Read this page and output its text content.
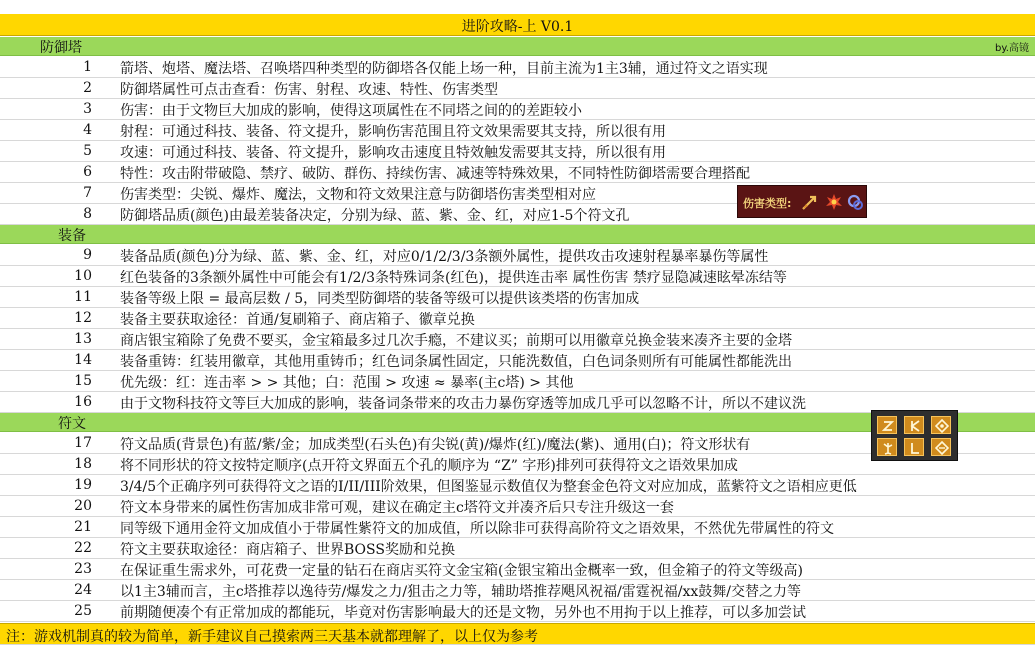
进阶攻略-上 V0.1
防御塔	by.高镜
1 箭塔、炮塔、魔法塔、召唤塔四种类型的防御塔各仅能上场一种，目前主流为1主3辅，通过符文之语实现
2 防御塔属性可点击查看：伤害、射程、攻速、特性、伤害类型
3 伤害：由于文物巨大加成的影响，使得这项属性在不同塔之间的的差距较小
4 射程：可通过科技、装备、符文提升，影响伤害范围且符文效果需要其支持，所以很有用
5 攻速：可通过科技、装备、符文提升，影响攻击速度且特效触发需要其支持，所以很有用
6 特性：攻击附带破隐、禁疗、破防、群伤、持续伤害、减速等特殊效果，不同特性防御塔需要合理搭配
7 伤害类型：尖锐、爆炸、魔法，文物和符文效果注意与防御塔伤害类型相对应
8 防御塔品质(颜色)由最差装备决定，分别为绿、蓝、紫、金、红，对应1-5个符文孔
装备
9 装备品质(颜色)分为绿、蓝、紫、金、红，对应0/1/2/3/3条额外属性，提供攻击攻速射程暴率暴伤等属性
10 红色装备的3条额外属性中可能会有1/2/3条特殊词条(红色)，提供连击率 属性伤害 禁疗显隐减速眩晕冻结等
11 装备等级上限 = 最高层数 / 5，同类型防御塔的装备等级可以提供该类塔的伤害加成
12 装备主要获取途径：首通/复刷箱子、商店箱子、徽章兑换
13 商店银宝箱除了免费不要买，金宝箱最多过几次手瘾，不建议买；前期可以用徽章兑换金装来凑齐主要的金塔
14 装备重铸：红装用徽章，其他用重铸币；红色词条属性固定，只能洗数值，白色词条则所有可能属性都能洗出
15 优先级：红：连击率 > > 其他；白：范围 > 攻速 ≈ 暴率(主c塔) > 其他
16 由于文物科技符文等巨大加成的影响，装备词条带来的攻击力暴伤穿透等加成几乎可以忽略不计，所以不建议洗
符文
17 符文品质(背景色)有蓝/紫/金；加成类型(石头色)有尖锐(黄)/爆炸(红)/魔法(紫)、通用(白)；符文形状有
18 将不同形状的符文按特定顺序(点开符文界面五个孔的顺序为 “Z” 字形)排列可获得符文之语效果加成
19 3/4/5个正确序列可获得符文之语的I/II/III阶效果，但图鉴显示数值仅为整套金色符文对应加成，蓝紫符文之语相应更低
20 符文本身带来的属性伤害加成非常可观，建议在确定主c塔符文并凑齐后只专注升级这一套
21 同等级下通用金符文加成值小于带属性紫符文的加成值，所以除非可获得高阶符文之语效果，不然优先带属性的符文
22 符文主要获取途径：商店箱子、世界BOSS奖励和兑换
23 在保证重生需求外，可花费一定量的钻石在商店买符文金宝箱(金银宝箱出金概率一致，但金箱子的符文等级高)
24 以1主3辅而言，主c塔推荐以逸待劳/爆发之力/狙击之力等，辅助塔推荐飓风祝福/雷霆祝福/xx鼓舞/交替之力等
25 前期随便凑个有正常加成的都能玩，毕竟对伤害影响最大的还是文物，另外也不用拘于以上推荐，可以多加尝试
注：游戏机制真的较为简单，新手建议自己摸索两三天基本就都理解了，以上仅为参考
伤害类型:
